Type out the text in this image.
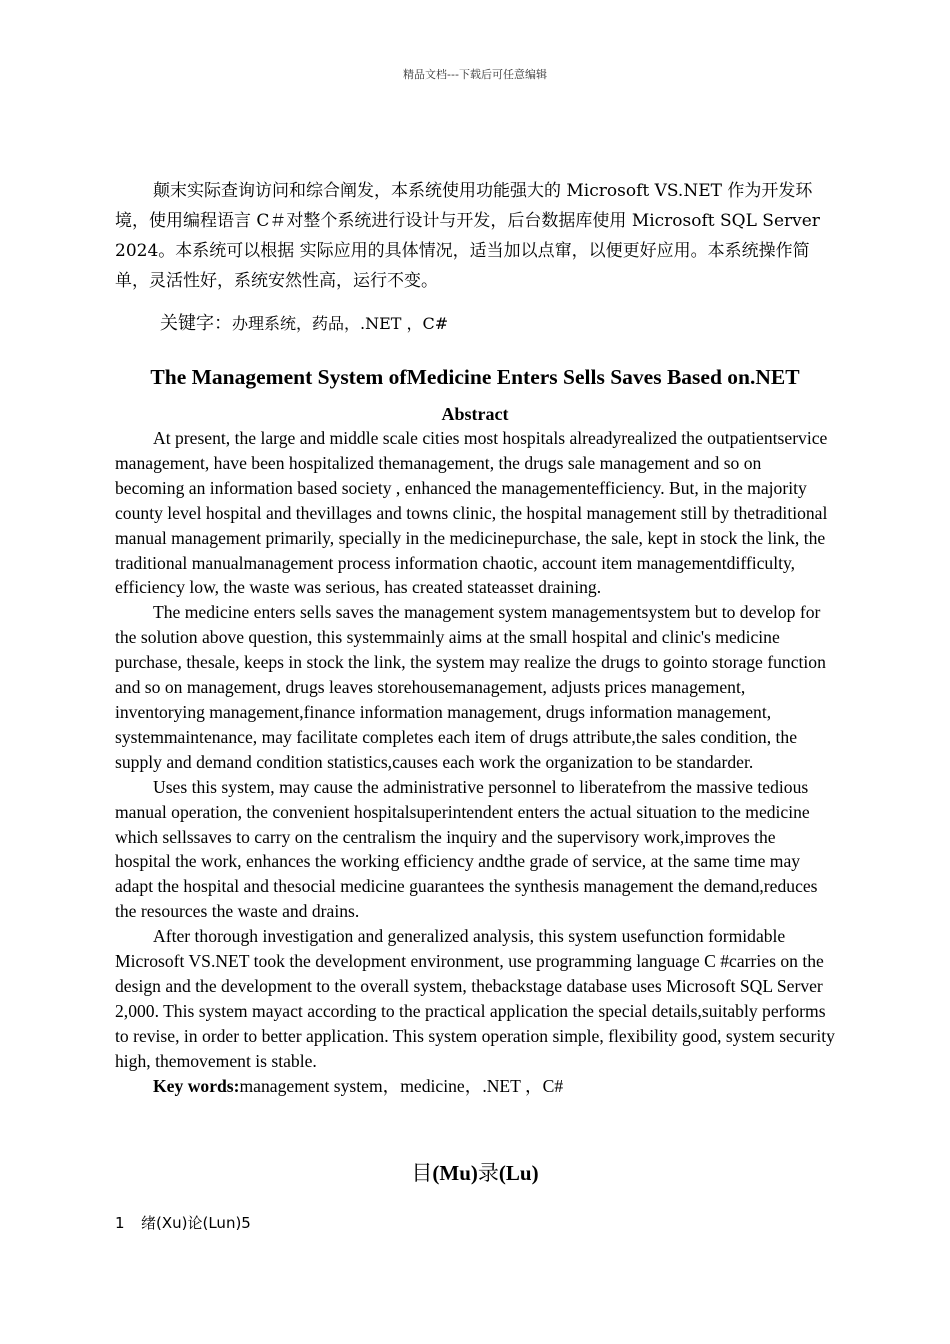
精品文档---下载后可任意编辑
颠末实际查询访问和综合阐发，本系统使用功能强大的 Microsoft VS.NET 作为开发环境，使用编程语言 C＃对整个系统进行设计与开发，后台数据库使用 Microsoft SQL Server 2024。本系统可以根据 实际应用的具体情况，适当加以点窜，以便更好应用。本系统操作简单，灵活性好，系统安然性高，运行不变。
关键字：办理系统，药品，.NET ，C#
The Management System ofMedicine Enters Sells Saves Based on.NET
Abstract

At present, the large and middle scale cities most hospitals alreadyrealized the outpatientservice management, have been hospitalized themanagement, the drugs sale management and so on becoming an information based society , enhanced the managementefficiency. But, in the majority county level hospital and thevillages and towns clinic, the hospital management still by thetraditional manual management primarily, specially in the medicinepurchase, the sale, kept in stock the link, the traditional manualmanagement process information chaotic, account item managementdifficulty, efficiency low, the waste was serious, has created stateasset draining.

The medicine enters sells saves the management system managementsystem but to develop for the solution above question, this systemmainly aims at the small hospital and clinic's medicine purchase, thesale, keeps in stock the link, the system may realize the drugs to gointo storage function and so on management, drugs leaves storehousemanagement, adjusts prices management, inventorying management,finance information management, drugs information management, systemmaintenance, may facilitate completes each item of drugs attribute,the sales condition, the supply and demand condition statistics,causes each work the organization to be standarder.

Uses this system, may cause the administrative personnel to liberatefrom the massive tedious manual operation, the convenient hospitalsuperintendent enters the actual situation to the medicine which sellssaves to carry on the centralism the inquiry and the supervisory work,improves the hospital the work, enhances the working efficiency andthe grade of service, at the same time may adapt the hospital and thesocial medicine guarantees the synthesis management the demand,reduces the resources the waste and drains.

After thorough investigation and generalized analysis, this system usefunction formidable Microsoft VS.NET took the development environment, use programming language C #carries on the design and the development to the overall system, thebackstage database uses Microsoft SQL Server 2,000. This system mayact according to the practical application the special details,suitably performs to revise, in order to better application. This system operation simple, flexibility good, system security high, themovement is stable.

Key words:management system，medicine，.NET ，C#

目(Mu)录(Lu)
1 绪(Xu)论(Lun)5
